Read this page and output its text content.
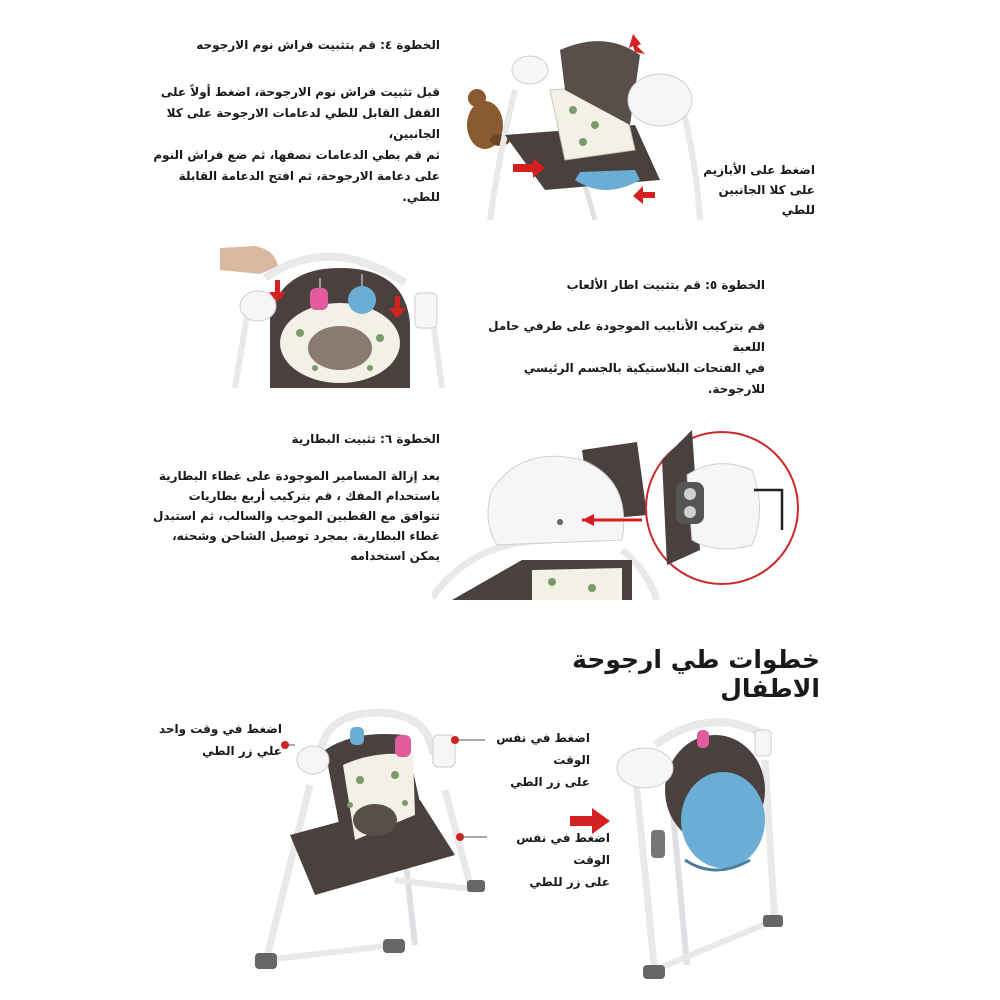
الخطوة ٤: قم بتثبيت فراش نوم الارجوحه
قبل تثبيت فراش نوم الارجوحة، اضغط أولاً على
القفل القابل للطي لدعامات الارجوحة على كلا الجانبين،
ثم قم بطي الدعامات نصفها، ثم ضع فراش النوم
على دعامة الارجوحة، ثم افتح الدعامة القابلة للطي.
اضغط على الأبازيم
على كلا الجانبين للطي
الخطوة ٥: قم بتثبيت اطار الألعاب
قم بتركيب الأنابيب الموجودة على طرفي حامل اللعبة
في الفتحات البلاستيكية بالجسم الرئيسي للارجوحة.
الخطوة ٦: تثبيت البطارية
بعد إزالة المسامير الموجودة على غطاء البطارية
باستخدام المفك ، قم بتركيب أربع بطاريات
تتوافق مع القطبين الموجب والسالب، ثم استبدل
غطاء البطارية. بمجرد توصيل الشاحن وشحنه،
يمكن استخدامه
خطوات طي ارجوحة الاطفال
اضغط في وقت واحد
علي زر الطي
اضغط في نفس الوقت
على زر الطي
اضغط في نفس الوقت
على زر للطي
